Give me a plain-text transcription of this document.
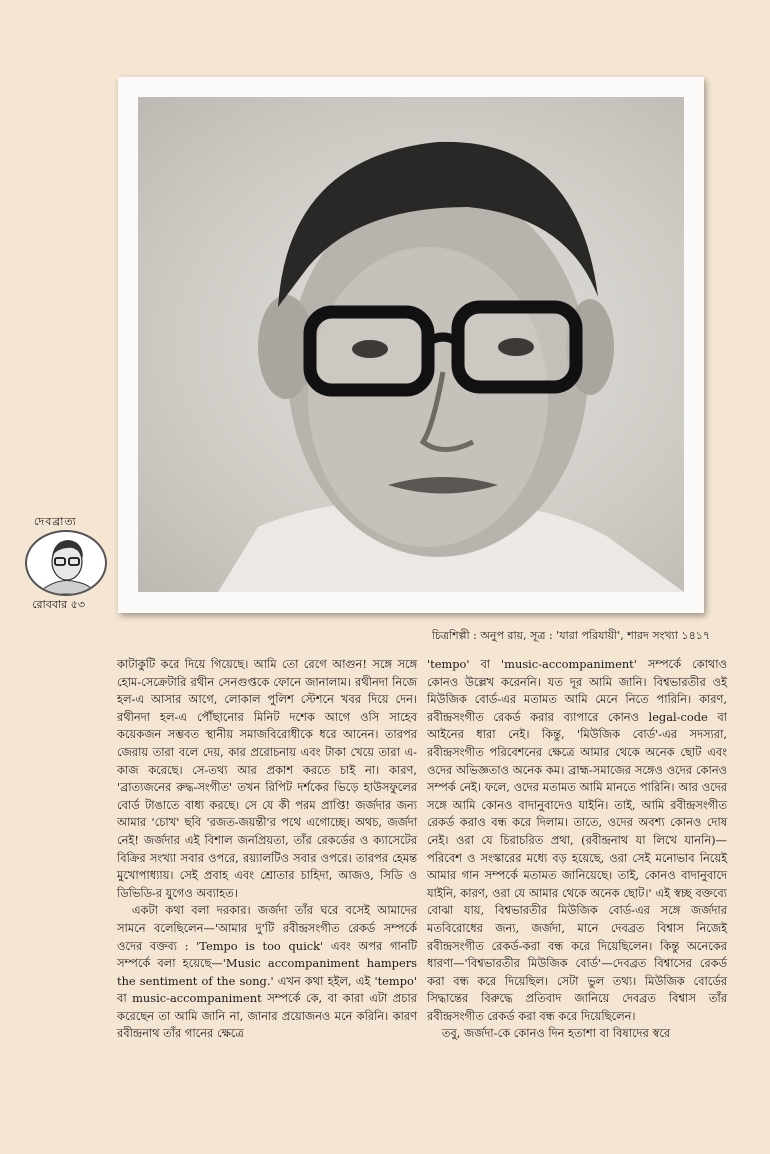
দেবব্রাত্য
রোববার ৫৩
চিত্রশিল্পী : অনুপ রায়, সূত্র : 'যারা পরিযায়ী', শারদ সংখ্যা ১৪১৭

কাটাকুটি করে দিয়ে গিয়েছে। আমি তো রেগে আগুন! সঙ্গে সঙ্গে হোম-সেক্রেটারি রথীন সেনগুপ্তকে ফোনে জানালাম। রথীনদা নিজে হল-এ আসার আগে, লোকাল পুলিশ স্টেশনে খবর দিয়ে দেন। রথীনদা হল-এ পৌঁছানোর মিনিট দশেক আগে ওসি সাহেব কয়েকজন সম্ভবত স্থানীয় সমাজবিরোধীকে ধরে আনেন। তারপর জেরায় তারা বলে দেয়, কার প্ররোচনায় এবং টাকা খেয়ে তারা এ-কাজ করেছে। সে-তথ্য আর প্রকাশ করতে চাই না। কারণ, 'ব্রাত্যজনের রুদ্ধ-সংগীত' তখন রিপিট দর্শকের ভিড়ে হাউসফুলের বোর্ড টাঙাতে বাধ্য করছে। সে যে কী পরম প্রাপ্তি! জর্জদার জন্য আমার 'চোখ' ছবি 'রজত-জয়ন্তী'র পথে এগোচ্ছে। অথচ, জর্জদা নেই! জর্জদার এই বিশাল জনপ্রিয়তা, তাঁর রেকর্ডের ও ক্যাসেটের বিক্রির সংখ্যা সবার ওপরে, রয়্যালটিও সবার ওপরে। তারপর হেমন্ত মুখোপাধ্যায়। সেই প্রবাহ এবং শ্রোতার চাহিদা, আজও, সিডি ও ডিভিডি-র যুগেও অব্যাহত।

একটা কথা বলা দরকার। জর্জদা তাঁর ঘরে বসেই আমাদের সামনে বলেছিলেন—'আমার দু'টি রবীন্দ্রসংগীত রেকর্ড সম্পর্কে ওদের বক্তব্য : 'Tempo is too quick' এবং অপর গানটি সম্পর্কে বলা হয়েছে—'Music accompaniment hampers the sentiment of the song.' এখন কথা হইল, এই 'tempo' বা music-accompaniment সম্পর্কে কে, বা কারা এটা প্রচার করেছেন তা আমি জানি না, জানার প্রয়োজনও মনে করিনি। কারণ রবীন্দ্রনাথ তাঁর গানের ক্ষেত্রে

'tempo' বা 'music-accompaniment' সম্পর্কে কোথাও কোনও উল্লেখ করেননি। যত দূর আমি জানি। বিশ্বভারতীর ওই মিউজিক বোর্ড-এর মতামত আমি মেনে নিতে পারিনি। কারণ, রবীন্দ্রসংগীত রেকর্ড করার ব্যাপারে কোনও legal-code বা আইনের ধারা নেই। কিন্তু, 'মিউজিক বোর্ড'-এর সদস্যরা, রবীন্দ্রসংগীত পরিবেশনের ক্ষেত্রে আমার থেকে অনেক ছোট এবং ওদের অভিজ্ঞতাও অনেক কম। ব্রাহ্ম-সমাজের সঙ্গেও ওদের কোনও সম্পর্ক নেই। ফলে, ওদের মতামত আমি মানতে পারিনি। আর ওদের সঙ্গে আমি কোনও বাদানুবাদেও যাইনি। তাই, আমি রবীন্দ্রসংগীত রেকর্ড করাও বন্ধ করে দিলাম। তাতে, ওদের অবশ্য কোনও দোষ নেই। ওরা যে চিরাচরিত প্রথা, (রবীন্দ্রনাথ যা লিখে যাননি)—পরিবেশ ও সংস্কারের মধ্যে বড় হয়েছে, ওরা সেই মনোভাব নিয়েই আমার গান সম্পর্কে মতামত জানিয়েছে। তাই, কোনও বাদানুবাদে যাইনি, কারণ, ওরা যে আমার থেকে অনেক ছোট।' এই স্বচ্ছ বক্তব্যে বোঝা যায়, বিশ্বভারতীর মিউজিক বোর্ড-এর সঙ্গে জর্জদার মতবিরোধের জন্য, জর্জদা, মানে দেবব্রত বিশ্বাস নিজেই রবীন্দ্রসংগীত রেকর্ড-করা বন্ধ করে দিয়েছিলেন। কিন্তু অনেকের ধারণা—'বিশ্বভারতীর মিউজিক বোর্ড'—দেবব্রত বিশ্বাসের রেকর্ড করা বন্ধ করে দিয়েছিল। সেটা ভুল তথ্য। মিউজিক বোর্ডের সিদ্ধান্তের বিরুদ্ধে প্রতিবাদ জানিয়ে দেবব্রত বিশ্বাস তাঁর রবীন্দ্রসংগীত রেকর্ড করা বন্ধ করে দিয়েছিলেন।

তবু, জর্জদা-কে কোনও দিন হতাশা বা বিষাদের স্বরে
